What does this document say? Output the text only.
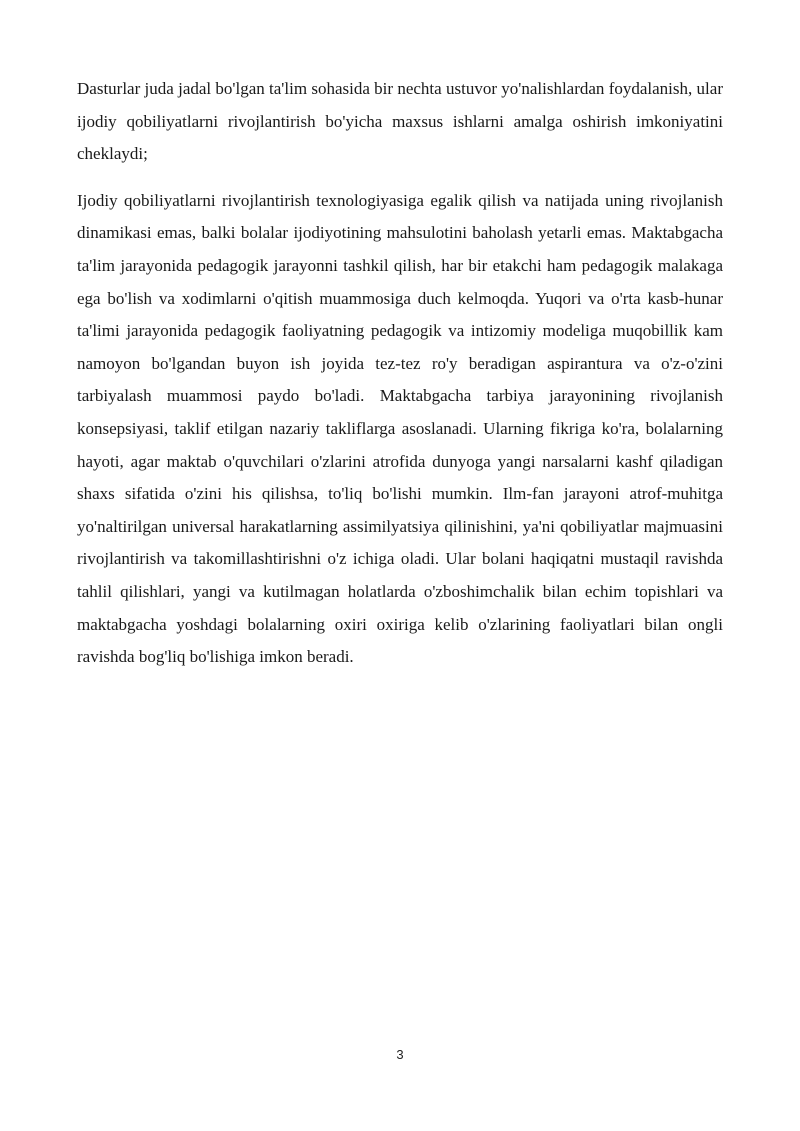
Dasturlar juda jadal bo'lgan ta'lim sohasida bir nechta ustuvor yo'nalishlardan foydalanish, ular ijodiy qobiliyatlarni rivojlantirish bo'yicha maxsus ishlarni amalga oshirish imkoniyatini cheklaydi;

Ijodiy qobiliyatlarni rivojlantirish texnologiyasiga egalik qilish va natijada uning rivojlanish dinamikasi emas, balki bolalar ijodiyotining mahsulotini baholash yetarli emas. Maktabgacha ta'lim jarayonida pedagogik jarayonni tashkil qilish, har bir etakchi ham pedagogik malakaga ega bo'lish va xodimlarni o'qitish muammosiga duch kelmoqda. Yuqori va o'rta kasb-hunar ta'limi jarayonida pedagogik faoliyatning pedagogik va intizomiy modeliga muqobillik kam namoyon bo'lgandan buyon ish joyida tez-tez ro'y beradigan aspirantura va o'z-o'zini tarbiyalash muammosi paydo bo'ladi. Maktabgacha tarbiya jarayonining rivojlanish konsepsiyasi, taklif etilgan nazariy takliflarga asoslanadi. Ularning fikriga ko'ra, bolalarning hayoti, agar maktab o'quvchilari o'zlarini atrofida dunyoga yangi narsalarni kashf qiladigan shaxs sifatida o'zini his qilishsa, to'liq bo'lishi mumkin. Ilm-fan jarayoni atrof-muhitga yo'naltirilgan universal harakatlarning assimilyatsiya qilinishini, ya'ni qobiliyatlar majmuasini rivojlantirish va takomillashtirishni o'z ichiga oladi. Ular bolani haqiqatni mustaqil ravishda tahlil qilishlari, yangi va kutilmagan holatlarda o'zboshimchalik bilan echim topishlari va maktabgacha yoshdagi bolalarning oxiri oxiriga kelib o'zlarining faoliyatlari bilan ongli ravishda bog'liq bo'lishiga imkon beradi.

3
